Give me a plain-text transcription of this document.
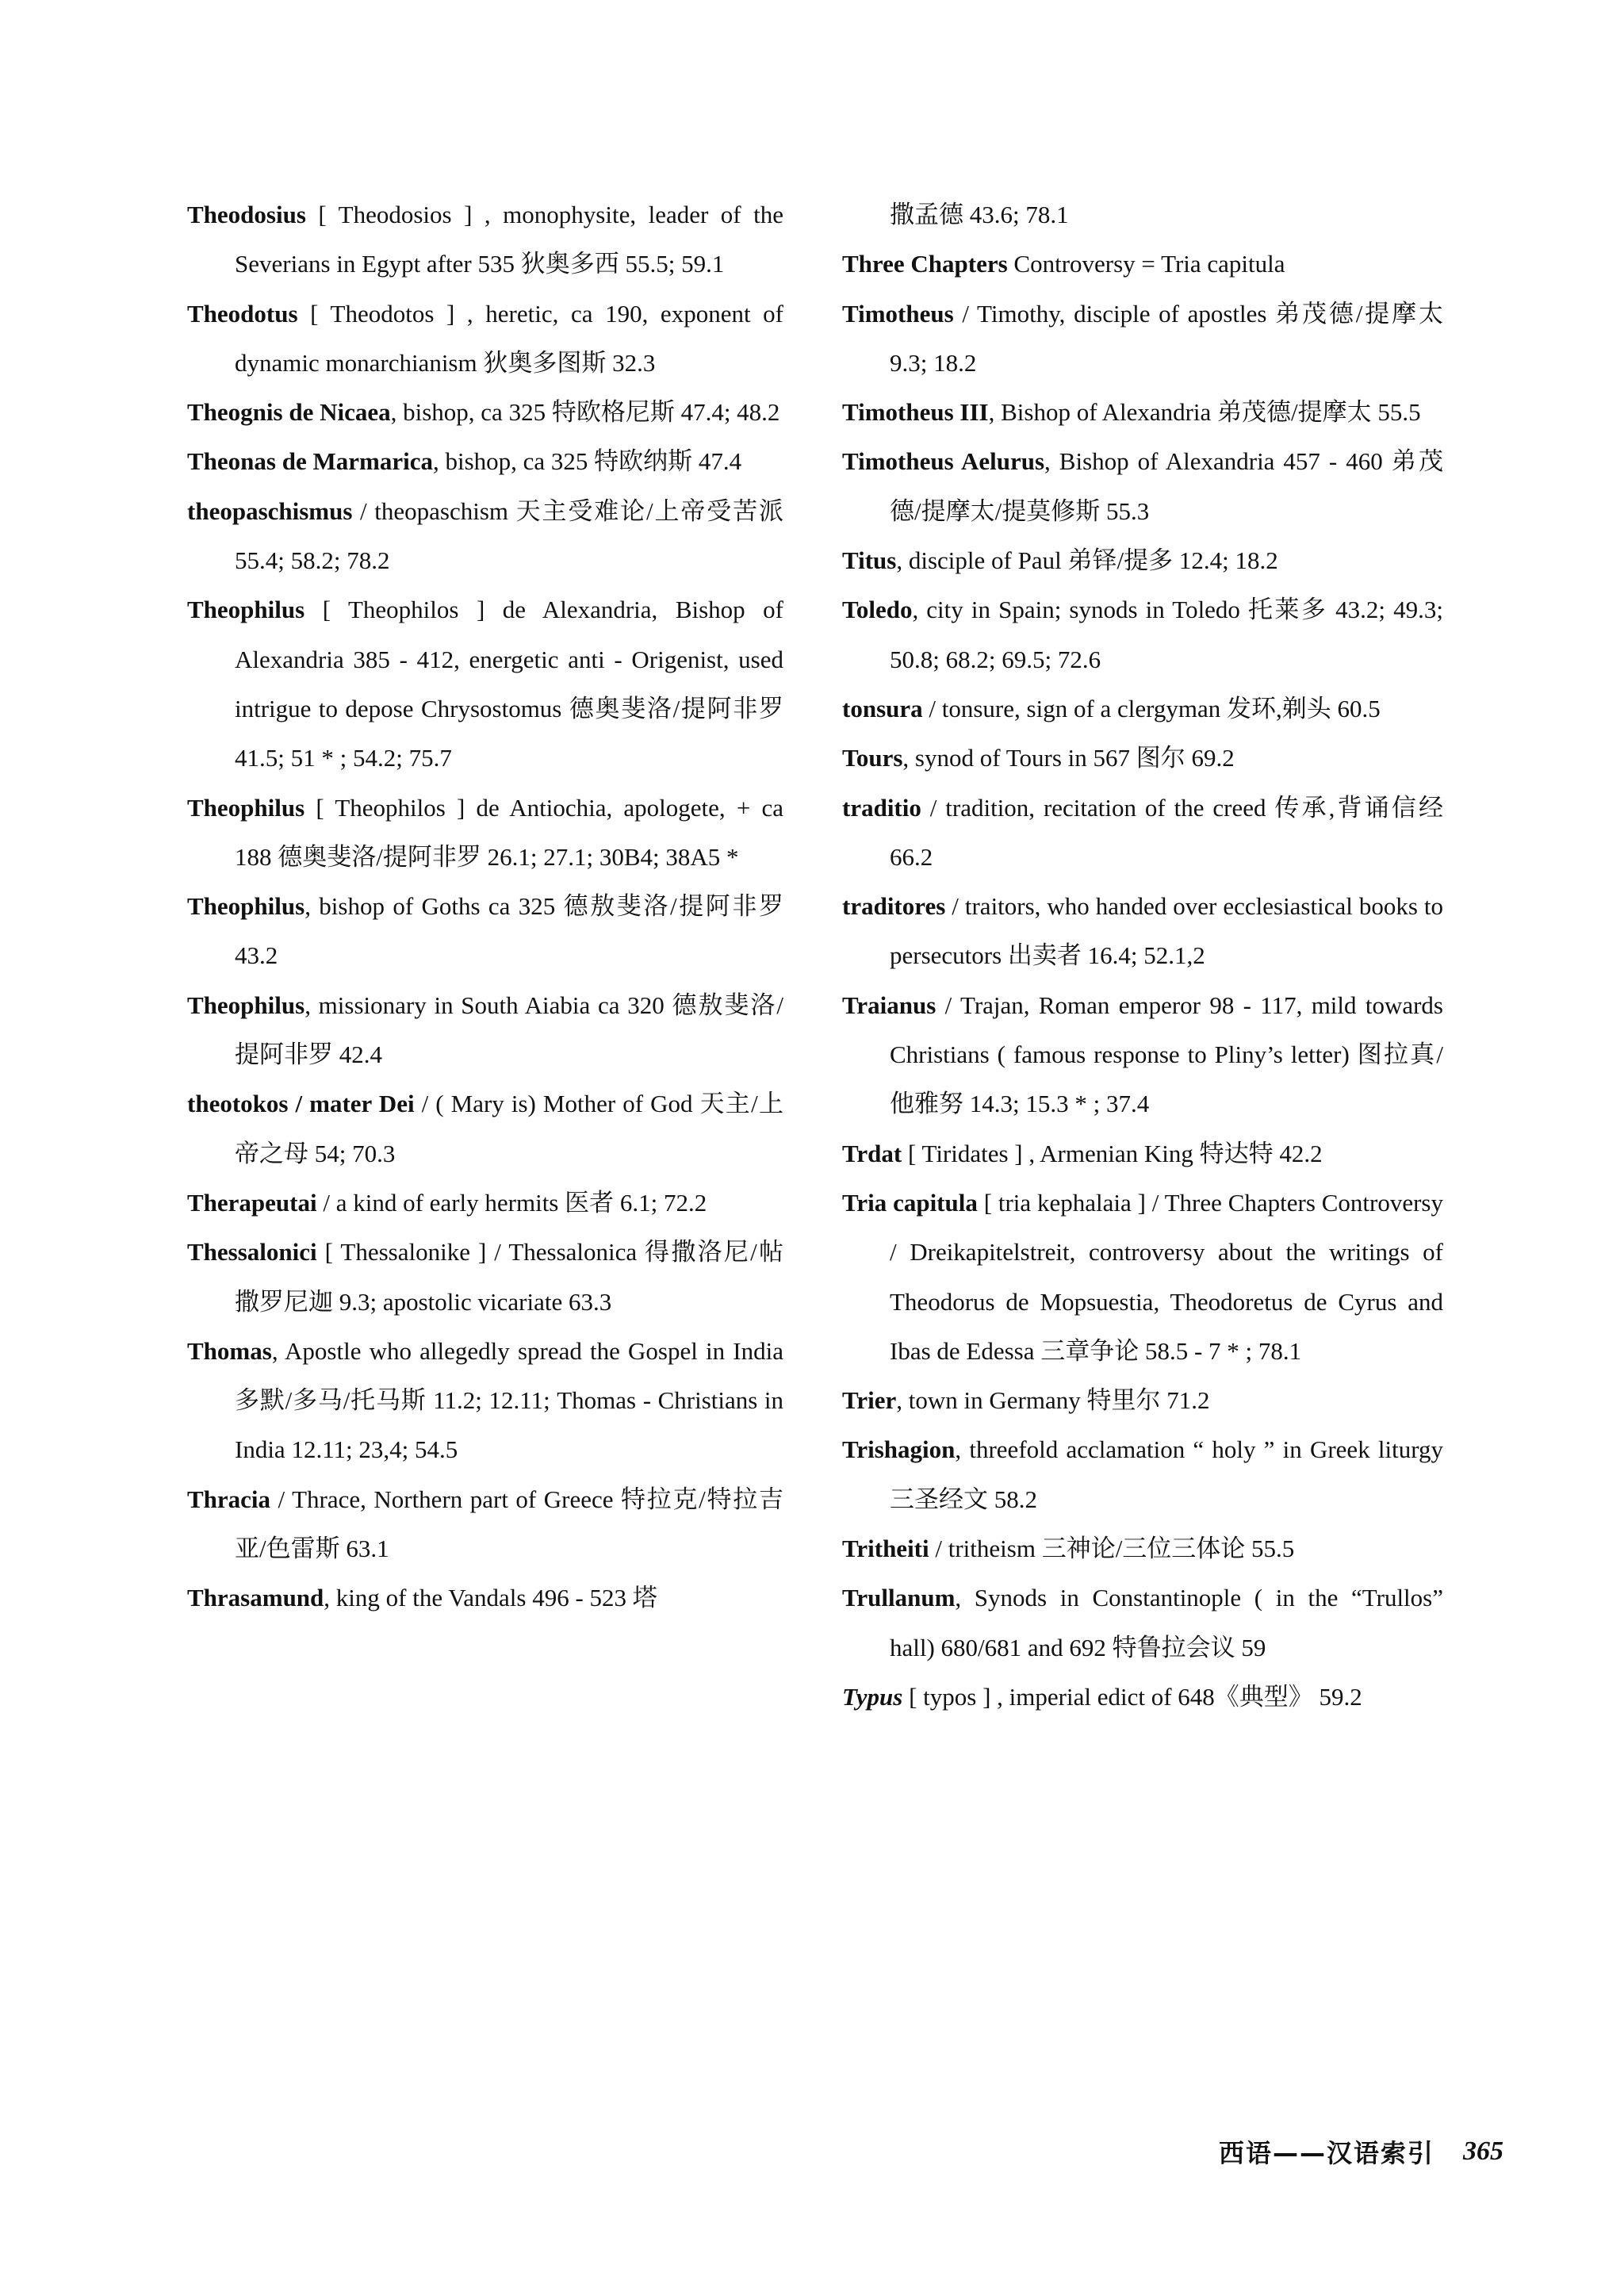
Theodosius [ Theodosios ] , monophysite, leader of the Severians in Egypt after 535 狄奥多西 55.5; 59.1

Theodotus [ Theodotos ] , heretic, ca 190, exponent of dynamic monarchianism 狄奥多图斯 32.3

Theognis de Nicaea, bishop, ca 325 特欧格尼斯 47.4; 48.2

Theonas de Marmarica, bishop, ca 325 特欧纳斯 47.4

theopaschismus / theopaschism 天主受难论/上帝受苦派 55.4; 58.2; 78.2

Theophilus [ Theophilos ] de Alexandria, Bishop of Alexandria 385 - 412, energetic anti - Origenist, used intrigue to depose Chrysostomus 德奥斐洛/提阿非罗 41.5; 51 * ; 54.2; 75.7

Theophilus [ Theophilos ] de Antiochia, apologete, + ca 188 德奥斐洛/提阿非罗 26.1; 27.1; 30B4; 38A5 *

Theophilus, bishop of Goths ca 325 德敖斐洛/提阿非罗 43.2

Theophilus, missionary in South Aiabia ca 320 德敖斐洛/提阿非罗 42.4

theotokos / mater Dei / ( Mary is) Mother of God 天主/上帝之母 54; 70.3

Therapeutai / a kind of early hermits 医者 6.1; 72.2

Thessalonici [ Thessalonike ] / Thessalonica 得撒洛尼/帖撒罗尼迦 9.3; apostolic vicariate 63.3

Thomas, Apostle who allegedly spread the Gospel in India 多默/多马/托马斯 11.2; 12.11; Thomas - Christians in India 12.11; 23,4; 54.5

Thracia / Thrace, Northern part of Greece 特拉克/特拉吉亚/色雷斯 63.1

Thrasamund, king of the Vandals 496 - 523 塔

撒孟德 43.6; 78.1

Three Chapters Controversy = Tria capitula

Timotheus / Timothy, disciple of apostles 弟茂德/提摩太 9.3; 18.2

Timotheus III, Bishop of Alexandria 弟茂德/提摩太 55.5

Timotheus Aelurus, Bishop of Alexandria 457 - 460 弟茂德/提摩太/提莫修斯 55.3

Titus, disciple of Paul 弟铎/提多 12.4; 18.2

Toledo, city in Spain; synods in Toledo 托莱多 43.2; 49.3; 50.8; 68.2; 69.5; 72.6

tonsura / tonsure, sign of a clergyman 发环,剃头 60.5

Tours, synod of Tours in 567 图尔 69.2

traditio / tradition, recitation of the creed 传承,背诵信经 66.2

traditores / traitors, who handed over ecclesiastical books to persecutors 出卖者 16.4; 52.1,2

Traianus / Trajan, Roman emperor 98 - 117, mild towards Christians ( famous response to Pliny’s letter) 图拉真/他雅努 14.3; 15.3 * ; 37.4

Trdat [ Tiridates ] , Armenian King 特达特 42.2

Tria capitula [ tria kephalaia ] / Three Chapters Controversy / Dreikapitelstreit, controversy about the writings of Theodorus de Mopsuestia, Theodoretus de Cyrus and Ibas de Edessa 三章争论 58.5 - 7 * ; 78.1

Trier, town in Germany 特里尔 71.2

Trishagion, threefold acclamation “ holy ” in Greek liturgy 三圣经文 58.2

Tritheiti / tritheism 三神论/三位三体论 55.5

Trullanum, Synods in Constantinople ( in the “Trullos” hall) 680/681 and 692 特鲁拉会议 59

Typus [ typos ] , imperial edict of 648《典型》 59.2

西语——汉语索引 365
